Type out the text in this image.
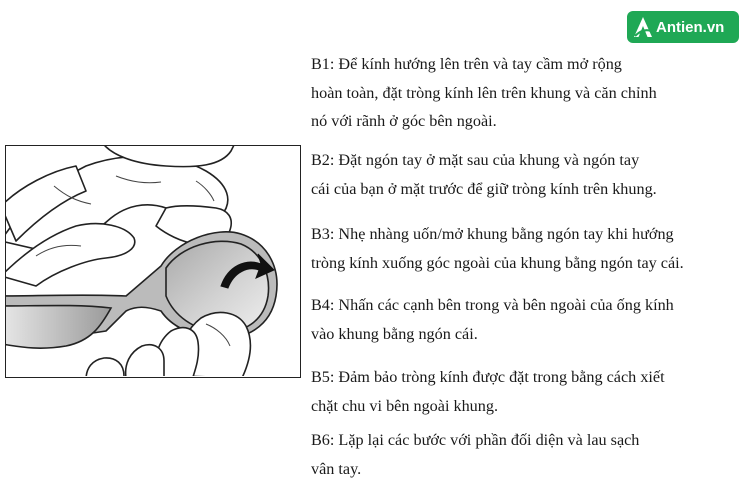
Antien.vn
B1: Để kính hướng lên trên và tay cầm mở rộng
hoàn toàn, đặt tròng kính lên trên khung và căn chỉnh
nó với rãnh ở góc bên ngoài.
B2: Đặt ngón tay ở mặt sau của khung và ngón tay
cái của bạn ở mặt trước để giữ tròng kính trên khung.
B3: Nhẹ nhàng uốn/mở khung bằng ngón tay khi hướng
tròng kính xuống góc ngoài của khung bằng ngón tay cái.
B4: Nhấn các cạnh bên trong và bên ngoài của ống kính
vào khung bằng ngón cái.
B5: Đảm bảo tròng kính được đặt trong bằng cách xiết
chặt chu vi bên ngoài khung.
B6: Lặp lại các bước với phần đối diện và lau sạch
vân tay.
